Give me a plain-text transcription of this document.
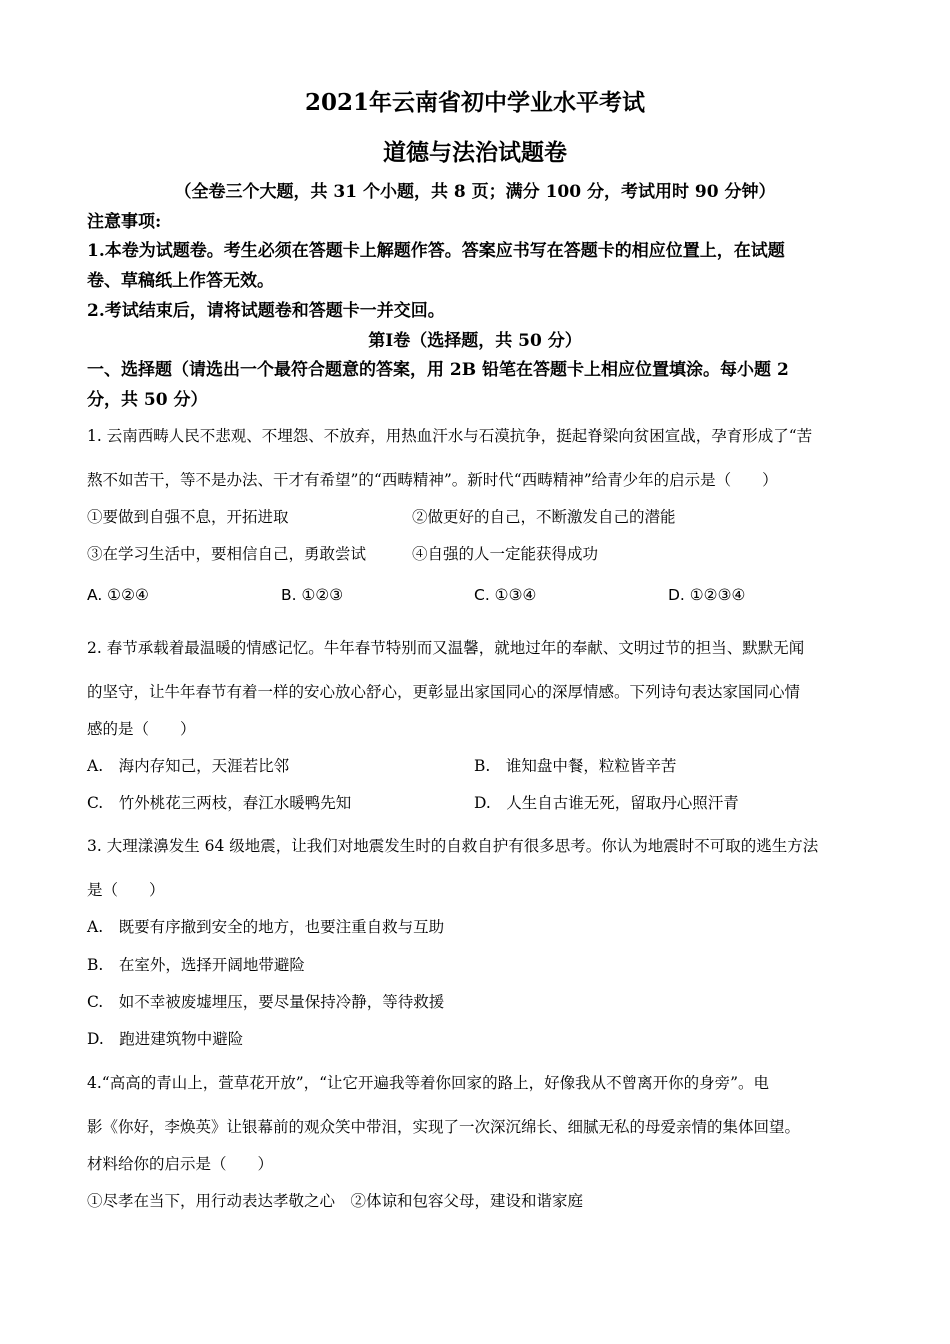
2021年云南省初中学业水平考试
道德与法治试题卷
（全卷三个大题，共 31 个小题，共 8 页；满分 100 分，考试用时 90 分钟）
注意事项:
1.本卷为试题卷。考生必须在答题卡上解题作答。答案应书写在答题卡的相应位置上，在试题
卷、草稿纸上作答无效。
2.考试结束后，请将试题卷和答题卡一并交回。
第Ⅰ卷（选择题，共 50 分）
一、选择题（请选出一个最符合题意的答案，用 2B 铅笔在答题卡上相应位置填涂。每小题 2
分，共 50 分）
1. 云南西畴人民不悲观、不埋怨、不放弃，用热血汗水与石漠抗争，挺起脊梁向贫困宣战，孕育形成了“苦
熬不如苦干，等不是办法、干才有希望”的“西畴精神”。新时代“西畴精神”给青少年的启示是（　　）
①要做到自强不息，开拓进取	②做更好的自己，不断激发自己的潜能
③在学习生活中，要相信自己，勇敢尝试	④自强的人一定能获得成功
A. ①②④	B. ①②③	C. ①③④	D. ①②③④
2. 春节承载着最温暖的情感记忆。牛年春节特别而又温馨，就地过年的奉献、文明过节的担当、默默无闻
的坚守，让牛年春节有着一样的安心放心舒心，更彰显出家国同心的深厚情感。下列诗句表达家国同心情
感的是（　　）
A.　海内存知己，天涯若比邻	B.　谁知盘中餐，粒粒皆辛苦
C.　竹外桃花三两枝，春江水暖鸭先知	D.　人生自古谁无死，留取丹心照汗青
3. 大理漾濞发生 64 级地震，让我们对地震发生时的自救自护有很多思考。你认为地震时不可取的逃生方法
是（　　）
A.　既要有序撤到安全的地方，也要注重自救与互助
B.　在室外，选择开阔地带避险
C.　如不幸被废墟埋压，要尽量保持冷静，等待救援
D.　跑进建筑物中避险
4.“高高的青山上，萱草花开放”，“让它开遍我等着你回家的路上，好像我从不曾离开你的身旁”。电
影《你好，李焕英》让银幕前的观众笑中带泪，实现了一次深沉绵长、细腻无私的母爱亲情的集体回望。
材料给你的启示是（　　）
①尽孝在当下，用行动表达孝敬之心　②体谅和包容父母，建设和谐家庭
